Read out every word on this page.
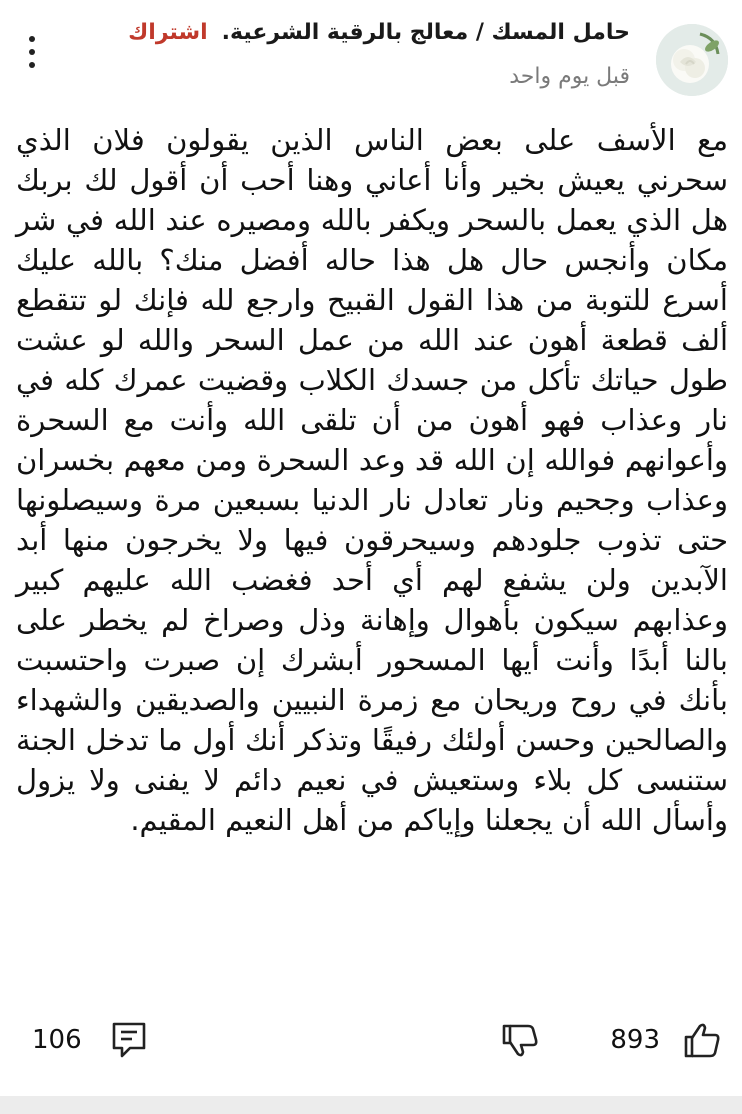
حامل المسك / معالج بالرقية الشرعية.اشتراك
قبل يوم واحد

مع الأسف على بعض الناس الذين يقولون فلان الذي سحرني يعيش بخير وأنا أعاني وهنا أحب أن أقول لك بربك هل الذي يعمل بالسحر ويكفر بالله ومصيره عند الله في شر مكان وأنجس حال هل هذا حاله أفضل منك؟ بالله عليك أسرع للتوبة من هذا القول القبيح وارجع لله فإنك لو تتقطع ألف قطعة أهون عند الله من عمل السحر والله لو عشت طول حياتك تأكل من جسدك الكلاب وقضيت عمرك كله في نار وعذاب فهو أهون من أن تلقى الله وأنت مع السحرة وأعوانهم فوالله إن الله قد وعد السحرة ومن معهم بخسران وعذاب وجحيم ونار تعادل نار الدنيا بسبعين مرة وسيصلونها حتى تذوب جلودهم وسيحرقون فيها ولا يخرجون منها أبد الآبدين ولن يشفع لهم أي أحد فغضب الله عليهم كبير وعذابهم سيكون بأهوال وإهانة وذل وصراخ لم يخطر على بالنا أبدًا وأنت أيها المسحور أبشرك إن صبرت واحتسبت بأنك في روح وريحان مع زمرة النبيين والصديقين والشهداء والصالحين وحسن أولئك رفيقًا وتذكر أنك أول ما تدخل الجنة ستنسى كل بلاء وستعيش في نعيم دائم لا يفنى ولا يزول وأسأل الله أن يجعلنا وإياكم من أهل النعيم المقيم.

893
106
